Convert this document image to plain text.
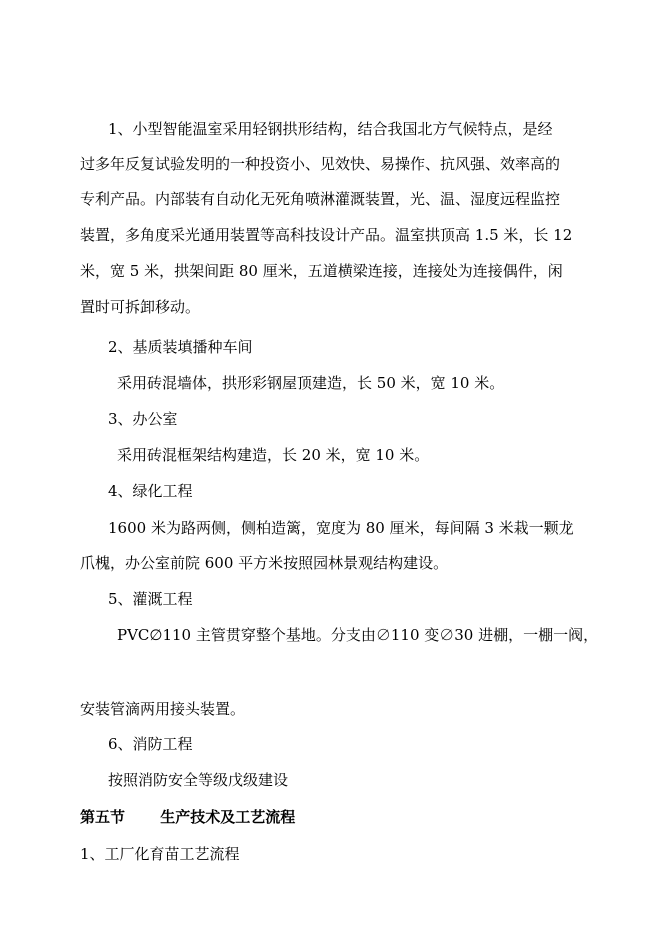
1、小型智能温室采用轻钢拱形结构，结合我国北方气候特点，是经
过多年反复试验发明的一种投资小、见效快、易操作、抗风强、效率高的
专利产品。内部装有自动化无死角喷淋灌溉装置，光、温、湿度远程监控
装置，多角度采光通用装置等高科技设计产品。温室拱顶高 1.5 米，长 12
米，宽 5 米，拱架间距 80 厘米，五道横梁连接，连接处为连接偶件，闲
置时可拆卸移动。
2、基质装填播种车间
采用砖混墙体，拱形彩钢屋顶建造，长 50 米，宽 10 米。
3、办公室
采用砖混框架结构建造，长 20 米，宽 10 米。
4、绿化工程
1600 米为路两侧，侧柏造篱，宽度为 80 厘米，每间隔 3 米栽一颗龙
爪槐，办公室前院 600 平方米按照园林景观结构建设。
5、灌溉工程
PVC∅110 主管贯穿整个基地。分支由∅110 变∅30 进棚，一棚一阀，
安装管滴两用接头装置。
6、消防工程
按照消防安全等级戊级建设
第五节 生产技术及工艺流程
1、工厂化育苗工艺流程
